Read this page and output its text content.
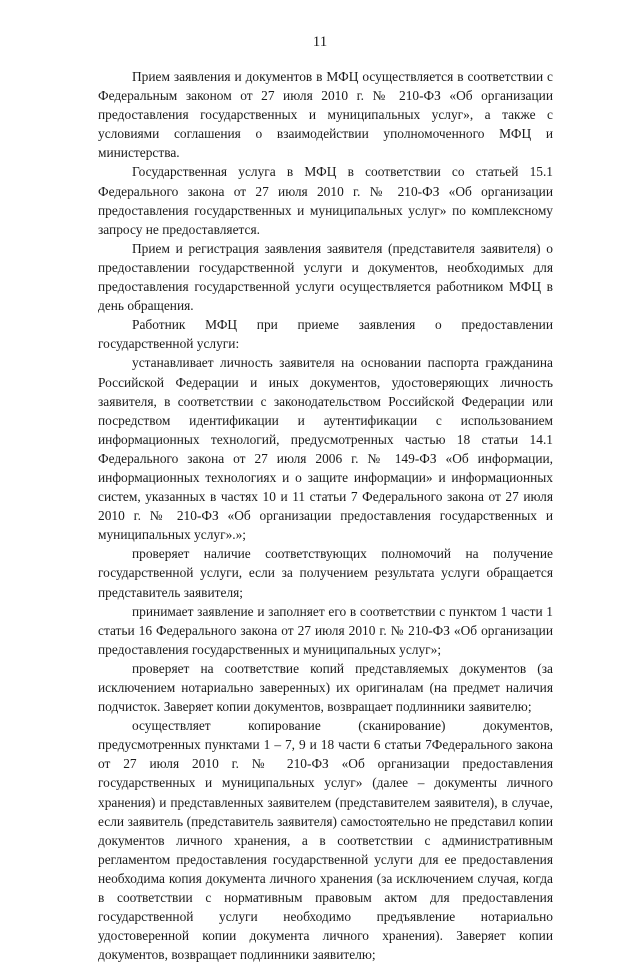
11

Прием заявления и документов в МФЦ осуществляется в соответствии с Федеральным законом от 27 июля 2010 г. № 210-ФЗ «Об организации предоставления государственных и муниципальных услуг», а также с условиями соглашения о взаимодействии уполномоченного МФЦ и министерства.

Государственная услуга в МФЦ в соответствии со статьей 15.1 Федерального закона от 27 июля 2010 г. № 210-ФЗ «Об организации предоставления государственных и муниципальных услуг» по комплексному запросу не предоставляется.

Прием и регистрация заявления заявителя (представителя заявителя) о предоставлении государственной услуги и документов, необходимых для предоставления государственной услуги осуществляется работником МФЦ в день обращения.

Работник МФЦ при приеме заявления о предоставлении государственной услуги:

устанавливает личность заявителя на основании паспорта гражданина Российской Федерации и иных документов, удостоверяющих личность заявителя, в соответствии с законодательством Российской Федерации или посредством идентификации и аутентификации с использованием информационных технологий, предусмотренных частью 18 статьи 14.1 Федерального закона от 27 июля 2006 г. № 149-ФЗ «Об информации, информационных технологиях и о защите информации» и информационных систем, указанных в частях 10 и 11 статьи 7 Федерального закона от 27 июля 2010 г. № 210-ФЗ «Об организации предоставления государственных и муниципальных услуг».»;

проверяет наличие соответствующих полномочий на получение государственной услуги, если за получением результата услуги обращается представитель заявителя;

принимает заявление и заполняет его в соответствии с пунктом 1 части 1 статьи 16 Федерального закона от 27 июля 2010 г. № 210-ФЗ «Об организации предоставления государственных и муниципальных услуг»;

проверяет на соответствие копий представляемых документов (за исключением нотариально заверенных) их оригиналам (на предмет наличия подчисток. Заверяет копии документов, возвращает подлинники заявителю;

осуществляет копирование (сканирование) документов, предусмотренных пунктами 1 – 7, 9 и 18 части 6 статьи 7Федерального закона от 27 июля 2010 г. № 210-ФЗ «Об организации предоставления государственных и муниципальных услуг» (далее – документы личного хранения) и представленных заявителем (представителем заявителя), в случае, если заявитель (представитель заявителя) самостоятельно не представил копии документов личного хранения, а в соответствии с административным регламентом предоставления государственной услуги для ее предоставления необходима копия документа личного хранения (за исключением случая, когда в соответствии с нормативным правовым актом для предоставления государственной услуги необходимо предъявление нотариально удостоверенной копии документа личного хранения). Заверяет копии документов, возвращает подлинники заявителю;
